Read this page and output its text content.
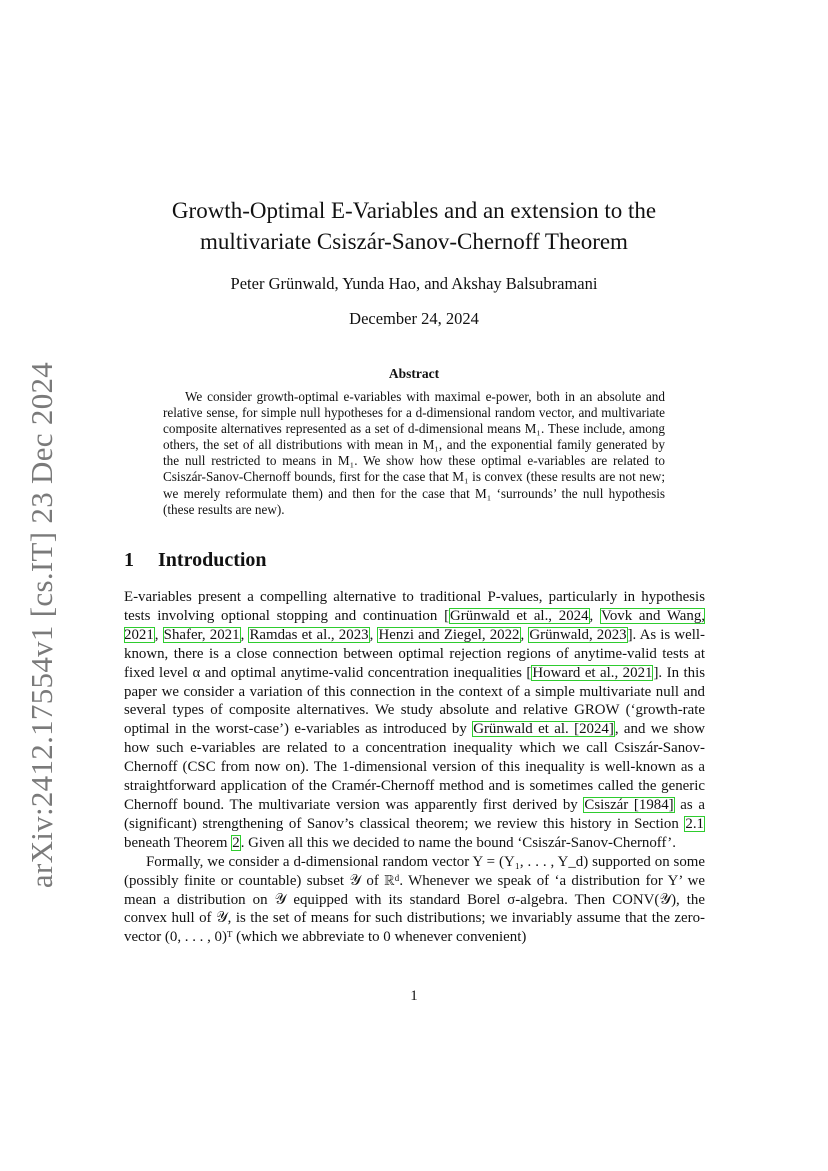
arXiv:2412.17554v1 [cs.IT] 23 Dec 2024
Growth-Optimal E-Variables and an extension to the
multivariate Csiszár-Sanov-Chernoff Theorem
Peter Grünwald, Yunda Hao, and Akshay Balsubramani
December 24, 2024
Abstract

We consider growth-optimal e-variables with maximal e-power, both in an absolute and relative sense, for simple null hypotheses for a d-dimensional random vector, and multivariate composite alternatives represented as a set of d-dimensional means M₁. These include, among others, the set of all distributions with mean in M₁, and the exponential family generated by the null restricted to means in M₁. We show how these optimal e-variables are related to Csiszár-Sanov-Chernoff bounds, first for the case that M₁ is convex (these results are not new; we merely reformulate them) and then for the case that M₁ ‘surrounds’ the null hypothesis (these results are new).

1 Introduction

E-variables present a compelling alternative to traditional P-values, particularly in hypothesis tests involving optional stopping and continuation [Grünwald et al., 2024, Vovk and Wang, 2021, Shafer, 2021, Ramdas et al., 2023, Henzi and Ziegel, 2022, Grünwald, 2023]. As is well-known, there is a close connection between optimal rejection regions of anytime-valid tests at fixed level α and optimal anytime-valid concentration inequalities [Howard et al., 2021]. In this paper we consider a variation of this connection in the context of a simple multivariate null and several types of composite alternatives. We study absolute and relative GROW (‘growth-rate optimal in the worst-case’) e-variables as introduced by Grünwald et al. [2024], and we show how such e-variables are related to a concentration inequality which we call Csiszár-Sanov-Chernoff (CSC from now on). The 1-dimensional version of this inequality is well-known as a straightforward application of the Cramér-Chernoff method and is sometimes called the generic Chernoff bound. The multivariate version was apparently first derived by Csiszár [1984] as a (significant) strengthening of Sanov’s classical theorem; we review this history in Section 2.1 beneath Theorem 2. Given all this we decided to name the bound ‘Csiszár-Sanov-Chernoff’.

Formally, we consider a d-dimensional random vector Y = (Y₁, . . . , Y_d) supported on some (possibly finite or countable) subset 𝒴 of ℝᵈ. Whenever we speak of ‘a distribution for Y’ we mean a distribution on 𝒴 equipped with its standard Borel σ-algebra. Then CONV(𝒴), the convex hull of 𝒴, is the set of means for such distributions; we invariably assume that the zero-vector (0, . . . , 0)ᵀ (which we abbreviate to 0 whenever convenient)

1
